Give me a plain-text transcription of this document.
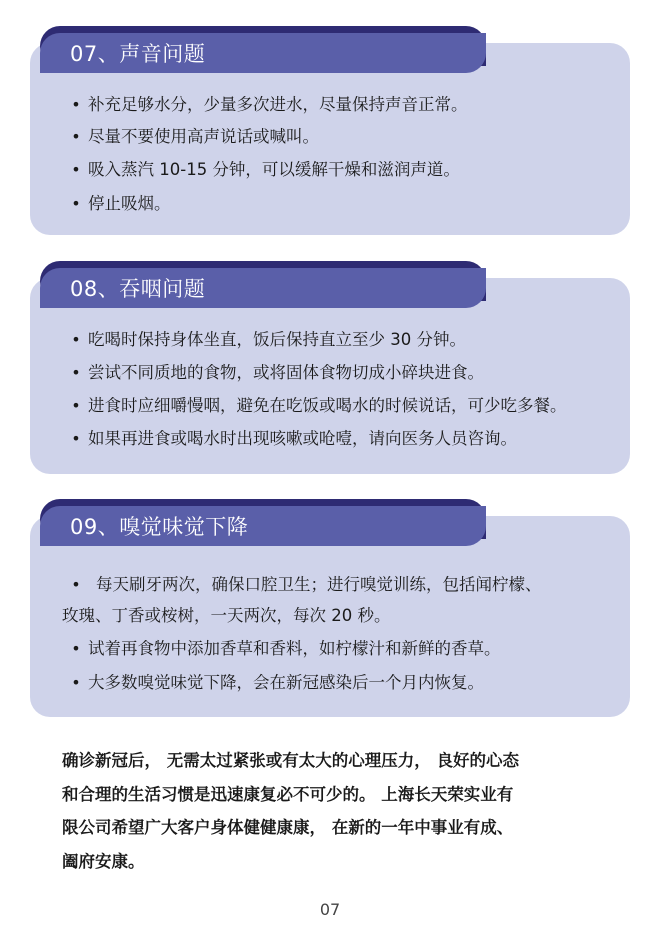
07、声音问题
• 补充足够水分，少量多次进水，尽量保持声音正常。
• 尽量不要使用高声说话或喊叫。
• 吸入蒸汽 10-15 分钟，可以缓解干燥和滋润声道。
• 停止吸烟。
08、吞咽问题
• 吃喝时保持身体坐直，饭后保持直立至少 30 分钟。
• 尝试不同质地的食物，或将固体食物切成小碎块进食。
• 进食时应细嚼慢咽，避免在吃饭或喝水的时候说话，可少吃多餐。
• 如果再进食或喝水时出现咳嗽或呛噎，请向医务人员咨询。
09、嗅觉味觉下降
• 每天刷牙两次，确保口腔卫生；进行嗅觉训练，包括闻柠檬、
玫瑰、丁香或桉树，一天两次，每次 20 秒。
• 试着再食物中添加香草和香料，如柠檬汁和新鲜的香草。
• 大多数嗅觉味觉下降，会在新冠感染后一个月内恢复。
确诊新冠后， 无需太过紧张或有太大的心理压力， 良好的心态
和合理的生活习惯是迅速康复必不可少的。 上海长天荣实业有
限公司希望广大客户身体健健康康， 在新的一年中事业有成、
阖府安康。
07
